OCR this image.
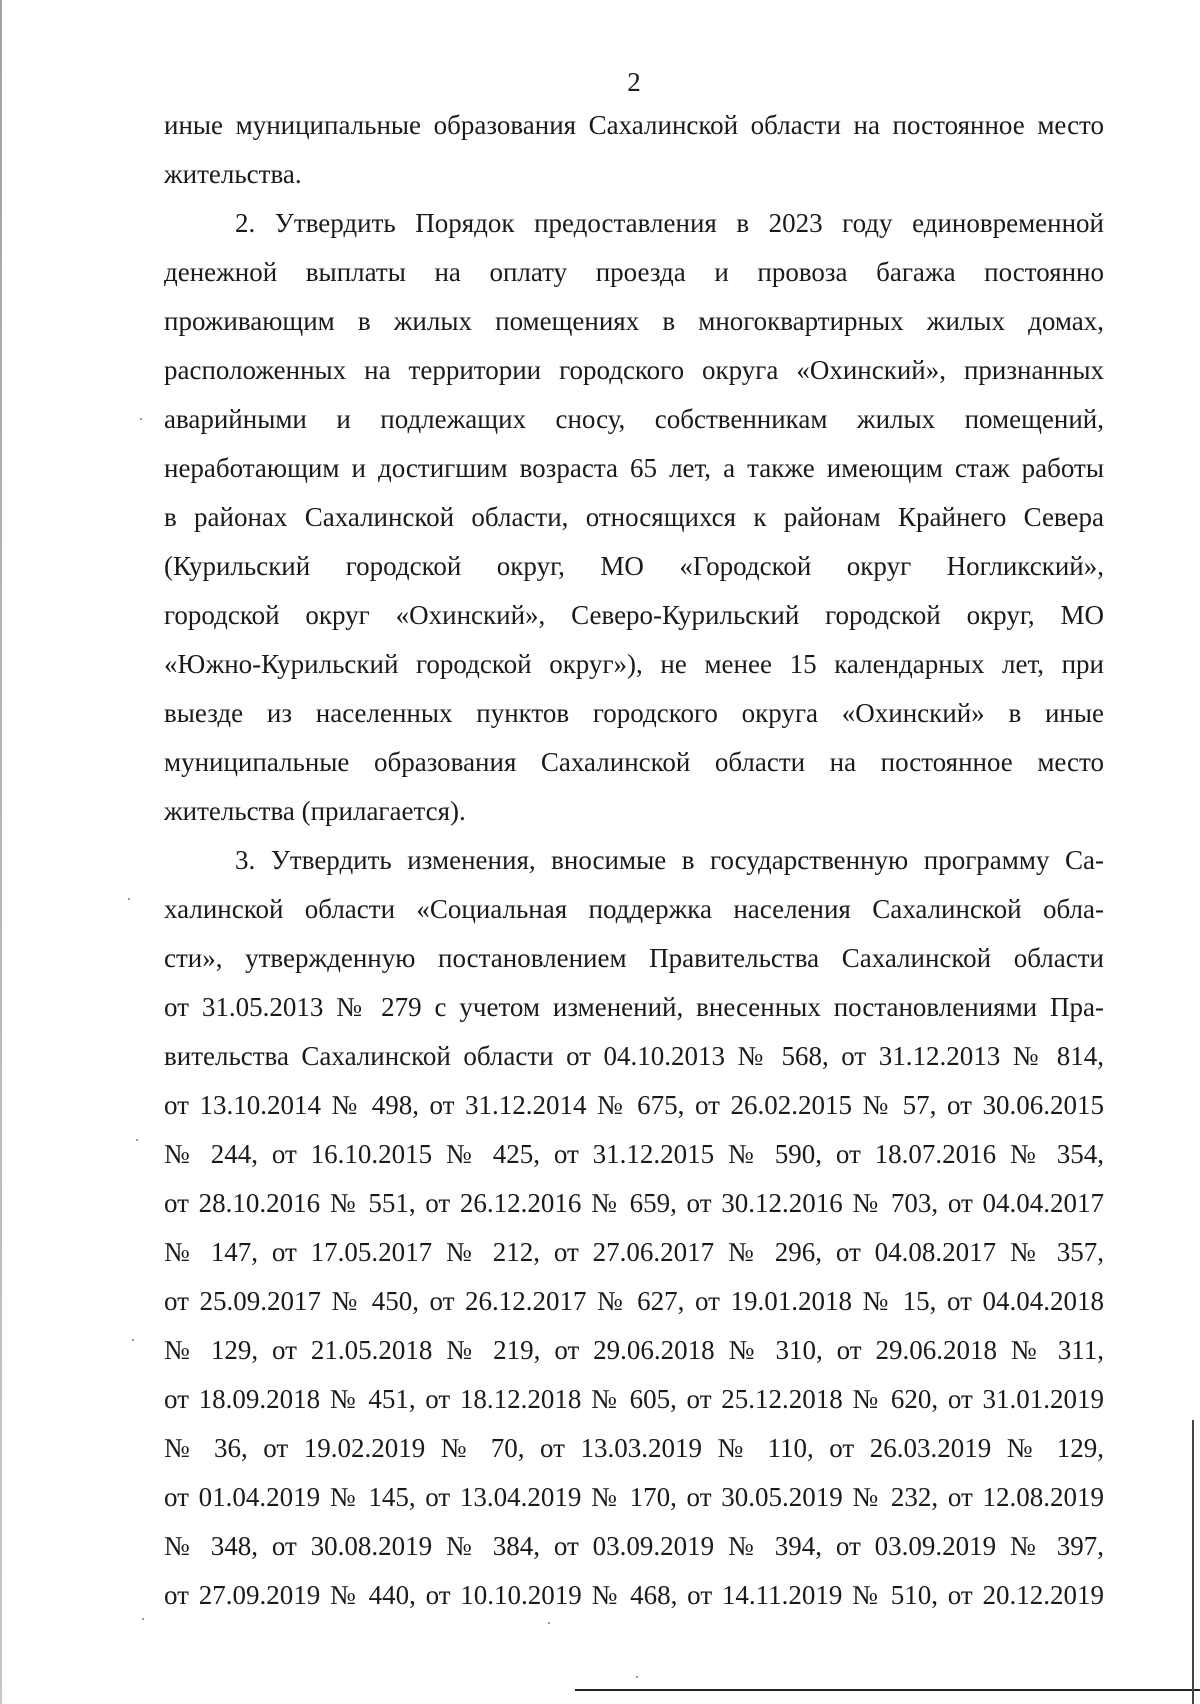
2
иные муниципальные образования Сахалинской области на постоянное место
жительства.
2. Утвердить Порядок предоставления в 2023 году единовременной
денежной выплаты на оплату проезда и провоза багажа постоянно
проживающим в жилых помещениях в многоквартирных жилых домах,
расположенных на территории городского округа «Охинский», признанных
аварийными и подлежащих сносу, собственникам жилых помещений,
неработающим и достигшим возраста 65 лет, а также имеющим стаж работы
в районах Сахалинской области, относящихся к районам Крайнего Севера
(Курильский городской округ, МО «Городской округ Ногликский»,
городской округ «Охинский», Северо-Курильский городской округ, МО
«Южно-Курильский городской округ»), не менее 15 календарных лет, при
выезде из населенных пунктов городского округа «Охинский» в иные
муниципальные образования Сахалинской области на постоянное место
жительства (прилагается).
3. Утвердить изменения, вносимые в государственную программу Са-
халинской области «Социальная поддержка населения Сахалинской обла-
сти», утвержденную постановлением Правительства Сахалинской области
от 31.05.2013 № 279 с учетом изменений, внесенных постановлениями Пра-
вительства Сахалинской области от 04.10.2013 № 568, от 31.12.2013 № 814,
от 13.10.2014 № 498, от 31.12.2014 № 675, от 26.02.2015 № 57, от 30.06.2015
№ 244, от 16.10.2015 № 425, от 31.12.2015 № 590, от 18.07.2016 № 354,
от 28.10.2016 № 551, от 26.12.2016 № 659, от 30.12.2016 № 703, от 04.04.2017
№ 147, от 17.05.2017 № 212, от 27.06.2017 № 296, от 04.08.2017 № 357,
от 25.09.2017 № 450, от 26.12.2017 № 627, от 19.01.2018 № 15, от 04.04.2018
№ 129, от 21.05.2018 № 219, от 29.06.2018 № 310, от 29.06.2018 № 311,
от 18.09.2018 № 451, от 18.12.2018 № 605, от 25.12.2018 № 620, от 31.01.2019
№ 36, от 19.02.2019 № 70, от 13.03.2019 № 110, от 26.03.2019 № 129,
от 01.04.2019 № 145, от 13.04.2019 № 170, от 30.05.2019 № 232, от 12.08.2019
№ 348, от 30.08.2019 № 384, от 03.09.2019 № 394, от 03.09.2019 № 397,
от 27.09.2019 № 440, от 10.10.2019 № 468, от 14.11.2019 № 510, от 20.12.2019
